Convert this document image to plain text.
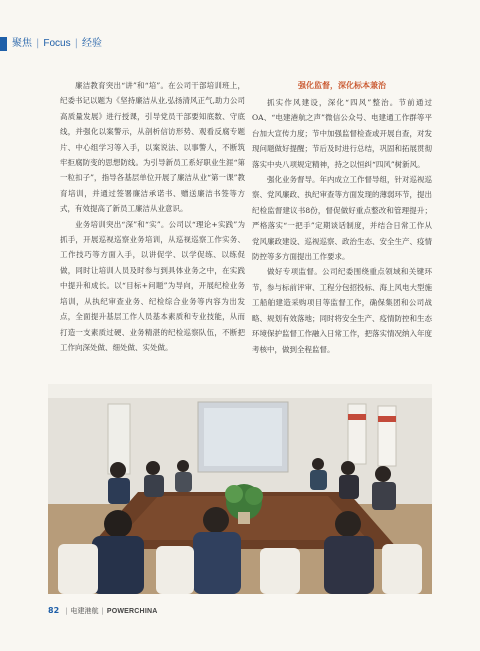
聚焦 | Focus | 经验

廉洁教育突出“讲”和“培”。在公司干部培训班上，纪委书记以题为《坚持廉洁从业,弘扬清风正气,助力公司高质量发展》进行授课，引导党员干部要知底数、守底线，并强化以案警示，从剖析信访形势、观看反腐专题片、中心组学习等入手，以案说法、以事警人，不断筑牢拒腐防变的思想防线。为引导新员工系好职业生涯“第一粒扣子”，指导各基层单位开展了廉洁从业“第一课”教育培训，并通过签署廉洁承诺书、赠送廉洁书签等方式，有效提高了新员工廉洁从业意识。

业务培训突出“深”和“实”。公司以“理论+实践”为抓手，开展巡视巡察业务培训，从巡视巡察工作实务、工作技巧等方面入手，以讲促学、以学促练、以练促做，同时让培训人员及时参与到具体业务之中，在实践中提升和成长。以“目标+问题”为导向，开展纪检业务培训，从执纪审查业务、纪检综合业务等内容为出发点，全面提升基层工作人员基本素质和专业技能，从而打造一支素质过硬、业务精湛的纪检巡察队伍，不断把工作向深处做、细处做、实处做。

强化监督，深化标本兼治

抓实作风建设，深化“四风”整治。节前通过OA、“电建港航之声”微信公众号、电建通工作群等平台加大宣传力度；节中加强监督检查或开展自查，对发现问题做好提醒；节后及时进行总结，巩固和拓展贯彻落实中央八项规定精神，持之以恒纠“四风”树新风。

强化业务督导。年内成立工作督导组，针对巡视巡察、党风廉政、执纪审查等方面发现的薄弱环节，提出纪检监督建议书8份，督促做好重点整改和管理提升；严格落实“一把手”定期谈话制度，并结合日常工作从党风廉政建设、巡视巡察、政治生态、安全生产、疫情防控等多方面提出工作要求。

做好专项监督。公司纪委围绕重点领域和关键环节，参与标前评审、工程分包招投标、海上风电大型施工船舶建造采购项目等监督工作，确保集团和公司战略、规划有效落地；同时将安全生产、疫情防控和生态环境保护监督工作融入日常工作，把落实情况纳入年度考核中，做到全程监督。

82 | 电建港航 | POWERCHINA
